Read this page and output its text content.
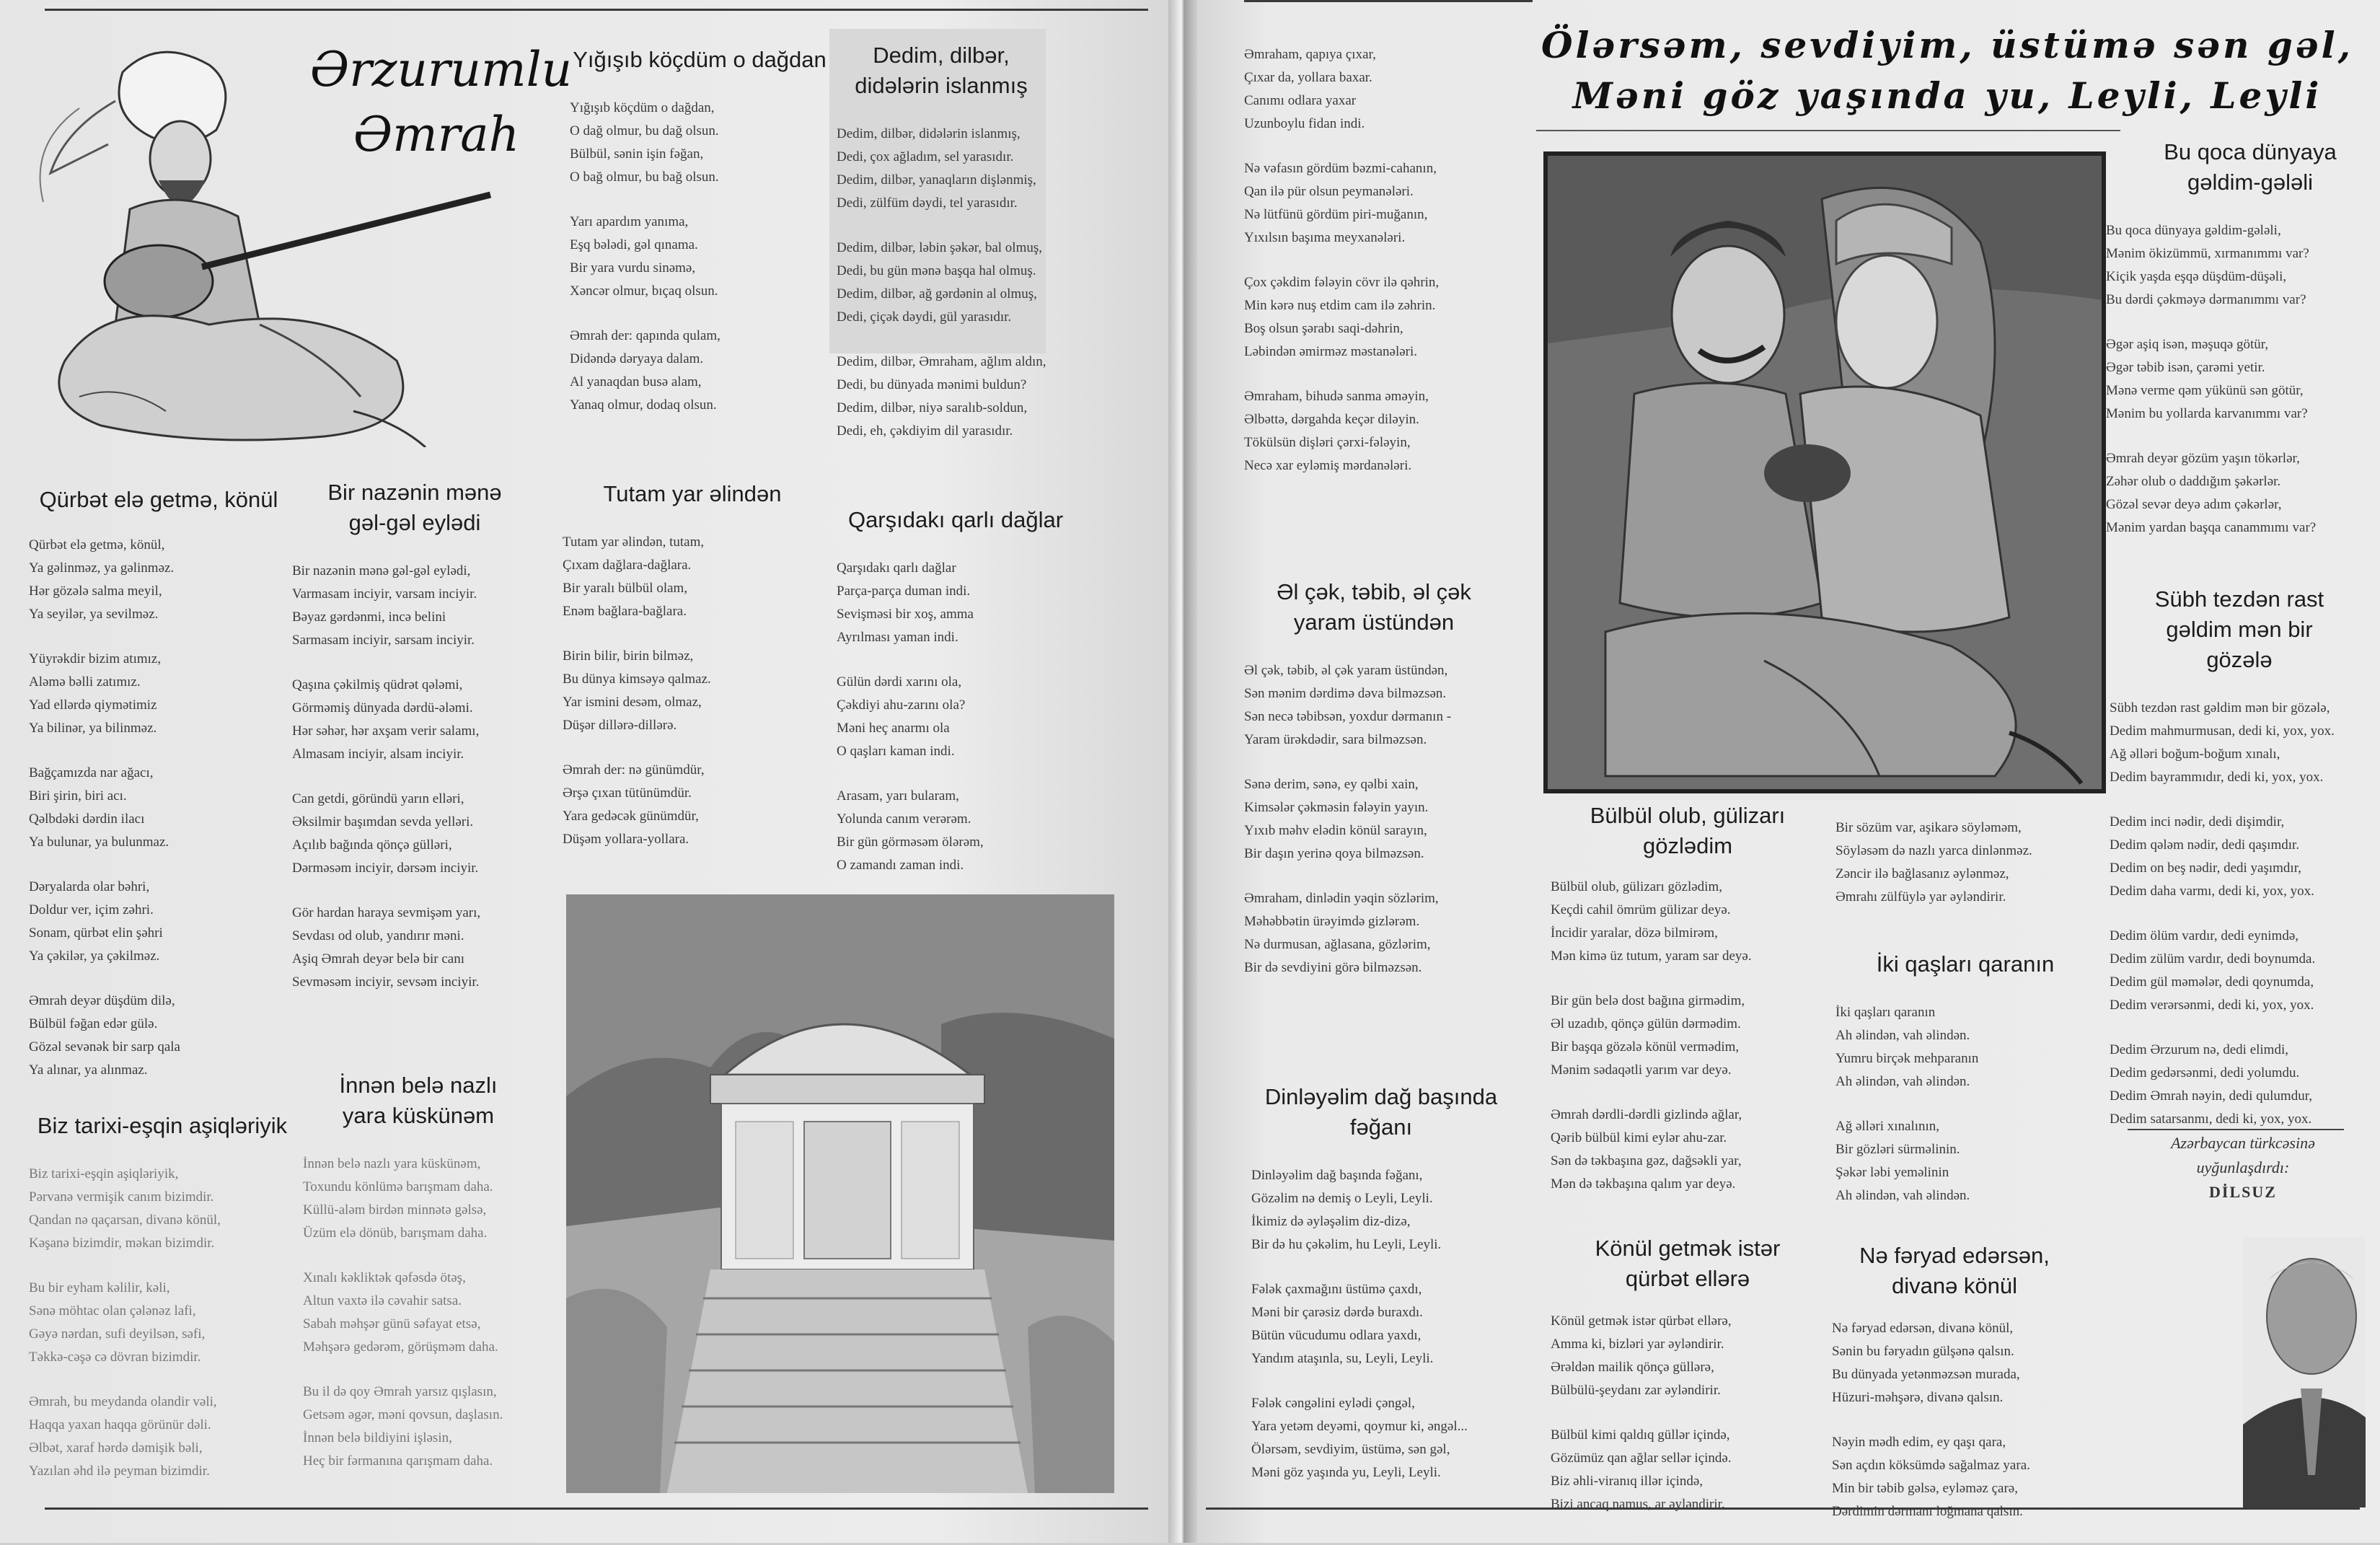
Ərzurumlu
Əmrah
Yığışıb köçdüm o dağdan
Yığışıb köçdüm o dağdan,
O dağ olmur, bu dağ olsun.
Bülbül, sənin işin fəğan,
O bağ olmur, bu bağ olsun.
Yarı apardım yanıma,
Eşq bələdi, gəl qınama.
Bir yara vurdu sinəmə,
Xəncər olmur, bıçaq olsun.
Əmrah der: qapında qulam,
Didəndə dəryaya dalam.
Al yanaqdan busə alam,
Yanaq olmur, dodaq olsun.
Dedim, dilbər, didələrin islanmış
Dedim, dilbər, didələrin islanmış,
Dedi, çox ağladım, sel yarasıdır.
Dedim, dilbər, yanaqların dişlənmiş,
Dedi, zülfüm dəydi, tel yarasıdır.
Dedim, dilbər, ləbin şəkər, bal olmuş,
Dedi, bu gün mənə başqa hal olmuş.
Dedim, dilbər, ağ gərdənin al olmuş,
Dedi, çiçək dəydi, gül yarasıdır.
Dedim, dilbər, Əmraham, ağlım aldın,
Dedi, bu dünyada mənimi buldun?
Dedim, dilbər, niyə saralıb-soldun,
Dedi, eh, çəkdiyim dil yarasıdır.
Qürbət elə getmə, könül
Qürbət elə getmə, könül,
Ya gəlinməz, ya gəlinməz.
Hər gözələ salma meyil,
Ya seyilər, ya sevilməz.
Yüyrəkdir bizim atımız,
Aləmə bəlli zatımız.
Yad ellərdə qiymətimiz
Ya bilinər, ya bilinməz.
Bağçamızda nar ağacı,
Biri şirin, biri acı.
Qəlbdəki dərdin ilacı
Ya bulunar, ya bulunmaz.
Dəryalarda olar bəhri,
Doldur ver, içim zəhri.
Sonam, qürbət elin şəhri
Ya çəkilər, ya çəkilməz.
Əmrah deyər düşdüm dilə,
Bülbül fəğan edər gülə.
Gözəl sevənək bir sarp qala
Ya alınar, ya alınmaz.
Bir nazənin mənə gəl-gəl eylədi
Bir nazənin mənə gəl-gəl eylədi,
Varmasam inciyir, varsam inciyir.
Bəyaz gərdənmi, incə belini
Sarmasam inciyir, sarsam inciyir.
Qaşına çəkilmiş qüdrət qələmi,
Görməmiş dünyada dərdü-ələmi.
Hər səhər, hər axşam verir salamı,
Almasam inciyir, alsam inciyir.
Can getdi, göründü yarın elləri,
Əksilmir başımdan sevda yelləri.
Açılıb bağında qönçə gülləri,
Dərməsəm inciyir, dərsəm inciyir.
Gör hardan haraya sevmişəm yarı,
Sevdası od olub, yandırır məni.
Aşiq Əmrah deyər belə bir canı
Sevməsəm inciyir, sevsəm inciyir.
Tutam yar əlindən
Tutam yar əlindən, tutam,
Çıxam dağlara-dağlara.
Bir yaralı bülbül olam,
Enəm bağlara-bağlara.
Birin bilir, birin bilməz,
Bu dünya kimsəyə qalmaz.
Yar ismini desəm, olmaz,
Düşər dillərə-dillərə.
Əmrah der: nə günümdür,
Ərşə çıxan tütünümdür.
Yara gedəcək günümdür,
Düşəm yollara-yollara.
Qarşıdakı qarlı dağlar
Qarşıdakı qarlı dağlar
Parça-parça duman indi.
Sevişməsi bir xoş, amma
Ayrılması yaman indi.
Gülün dərdi xarını ola,
Çəkdiyi ahu-zarını ola?
Məni heç anarmı ola
O qaşları kaman indi.
Arasam, yarı bularam,
Yolunda canım verərəm.
Bir gün görməsəm ölərəm,
O zamandı zaman indi.
Biz tarixi-eşqin aşiqləriyik
Biz tarixi-eşqin aşiqləriyik,
Pərvanə vermişik canım bizimdir.
Qandan nə qaçarsan, divanə könül,
Kəşanə bizimdir, məkan bizimdir.
Bu bir eyham kəlilir, kəli,
Sənə möhtac olan çələnəz lafi,
Gəyə nərdan, sufi deyilsən, səfi,
Təkkə-cəşə cə dövran bizimdir.
Əmrah, bu meydanda olandir vəli,
Haqqa yaxan haqqa görünür dəli.
Əlbət, xaraf hərdə dəmişik bəli,
Yazılan əhd ilə peyman bizimdir.
İnnən belə nazlı yara küskünəm
İnnən belə nazlı yara küskünəm,
Toxundu könlümə barışmam daha.
Küllü-aləm birdən minnətə gəlsə,
Üzüm elə dönüb, barışmam daha.
Xınalı kəkliktək qəfəsdə ötəş,
Altun vaxtə ilə cəvahir satsa.
Sabah məhşər günü səfayat etsə,
Məhşərə gedərəm, görüşməm daha.
Bu il də qoy Əmrah yarsız qışlasın,
Getsəm əgər, məni qovsun, daşlasın.
İnnən belə bildiyini işləsin,
Heç bir fərmanına qarışmam daha.
Ölərsəm, sevdiyim, üstümə sən gəl,
Məni göz yaşında yu, Leyli, Leyli
Əmraham, qapıya çıxar,
Çıxar da, yollara baxar.
Canımı odlara yaxar
Uzunboylu fidan indi.
Nə vəfasın gördüm bəzmi-cahanın,
Qan ilə pür olsun peymanələri.
Nə lütfünü gördüm piri-muğanın,
Yıxılsın başıma meyxanələri.
Çox çəkdim fələyin cövr ilə qəhrin,
Min kərə nuş etdim cam ilə zəhrin.
Boş olsun şərabı saqi-dəhrin,
Ləbindən əmirməz məstanələri.
Əmraham, bihudə sanma əməyin,
Əlbəttə, dərgahda keçər diləyin.
Tökülsün dişləri çərxi-fələyin,
Necə xar eyləmiş mərdanələri.
Bu qoca dünyaya gəldim-gələli
Bu qoca dünyaya gəldim-gələli,
Mənim ökizümmü, xırmanımmı var?
Kiçik yaşda eşqə düşdüm-düşəli,
Bu dərdi çəkməyə dərmanımmı var?
Əgər aşiq isən, məşuqə götür,
Əgər təbib isən, çarəmi yetir.
Mənə verme qəm yükünü sən götür,
Mənim bu yollarda karvanımmı var?
Əmrah deyər gözüm yaşın tökərlər,
Zəhər olub o daddığım şəkərlər.
Gözəl sevər deyə adım çəkərlər,
Mənim yardan başqa canammımı var?
Əl çək, təbib, əl çək yaram üstündən
Əl çək, təbib, əl çək yaram üstündən,
Sən mənim dərdimə dəva bilməzsən.
Sən necə təbibsən, yoxdur dərmanın -
Yaram ürəkdədir, sara bilməzsən.
Sənə derim, sənə, ey qəlbi xain,
Kimsələr çəkməsin fələyin yayın.
Yıxıb məhv elədin könül sarayın,
Bir daşın yerinə qoya bilməzsən.
Əmraham, dinlədin yəqin sözlərim,
Məhəbbətin ürəyimdə gizlərəm.
Nə durmusan, ağlasana, gözlərim,
Bir də sevdiyini görə bilməzsən.
Sübh tezdən rast gəldim mən bir gözələ
Sübh tezdən rast gəldim mən bir gözələ,
Dedim mahmurmusan, dedi ki, yox, yox.
Ağ əlləri boğum-boğum xınalı,
Dedim bayrammıdır, dedi ki, yox, yox.
Dedim inci nədir, dedi dişimdir,
Dedim qələm nədir, dedi qaşımdır.
Dedim on beş nədir, dedi yaşımdır,
Dedim daha varmı, dedi ki, yox, yox.
Dedim ölüm vardır, dedi eynimdə,
Dedim zülüm vardır, dedi boynumda.
Dedim gül məmələr, dedi qoynumda,
Dedim verərsənmi, dedi ki, yox, yox.
Dedim Ərzurum nə, dedi elimdi,
Dedim gedərsənmi, dedi yolumdu.
Dedim Əmrah nəyin, dedi qulumdur,
Dedim satarsanmı, dedi ki, yox, yox.
Bülbül olub, gülizarı gözlədim
Bülbül olub, gülizarı gözlədim,
Keçdi cahil ömrüm gülizar deyə.
İncidir yaralar, dözə bilmirəm,
Mən kimə üz tutum, yaram sar deyə.
Bir gün belə dost bağına girmədim,
Əl uzadıb, qönçə gülün dərmədim.
Bir başqa gözələ könül vermədim,
Mənim sədaqətli yarım var deyə.
Əmrah dərdli-dərdli gizlində ağlar,
Qərib bülbül kimi eylər ahu-zar.
Sən də təkbaşına gəz, dağsəkli yar,
Mən də təkbaşına qalım yar deyə.
Bir sözüm var, aşikarə söyləməm,
Söyləsəm də nazlı yarca dinlənməz.
Zəncir ilə bağlasanız əylənməz,
Əmrahı zülfüylə yar əyləndirir.
İki qaşları qaranın
İki qaşları qaranın
Ah əlindən, vah əlindən.
Yumru birçək mehparanın
Ah əlindən, vah əlindən.
Ağ əlləri xınalının,
Bir gözləri sürməlinin.
Şəkər ləbi yeməlinin
Ah əlindən, vah əlindən.
Dinləyəlim dağ başında fəğanı
Dinləyəlim dağ başında fəğanı,
Gözəlim nə demiş o Leyli, Leyli.
İkimiz də əyləşəlim diz-dizə,
Bir də hu çəkəlim, hu Leyli, Leyli.
Fələk çaxmağını üstümə çaxdı,
Məni bir çarəsiz dərdə buraxdı.
Bütün vücudumu odlara yaxdı,
Yandım ataşınla, su, Leyli, Leyli.
Fələk cəngəlini eylədi çəngəl,
Yara yetəm deyəmi, qoymur ki, əngəl...
Ölərsəm, sevdiyim, üstümə, sən gəl,
Məni göz yaşında yu, Leyli, Leyli.
Könül getmək istər qürbət ellərə
Könül getmək istər qürbət ellərə,
Amma ki, bizləri yar əyləndirir.
Ərəldən mailik qönçə güllərə,
Bülbülü-şeydanı zar əyləndirir.
Bülbül kimi qaldıq güllər içində,
Gözümüz qan ağlar sellər içində.
Biz əhli-viranıq illər içində,
Bizi ancaq namus, ar əyləndirir.
Nə fəryad edərsən, divanə könül
Nə fəryad edərsən, divanə könül,
Sənin bu fəryadın gülşənə qalsın.
Bu dünyada yetənməzsən murada,
Hüzuri-məhşərə, divanə qalsın.
Nəyin mədh edim, ey qaşı qara,
Sən açdın köksümdə sağalmaz yara.
Min bir təbib gəlsə, eyləməz çarə,
Dərdimin dərmanı loğmana qalsın.
Azərbaycan türkcəsinə
uyğunlaşdırdı:
DİLSUZ
